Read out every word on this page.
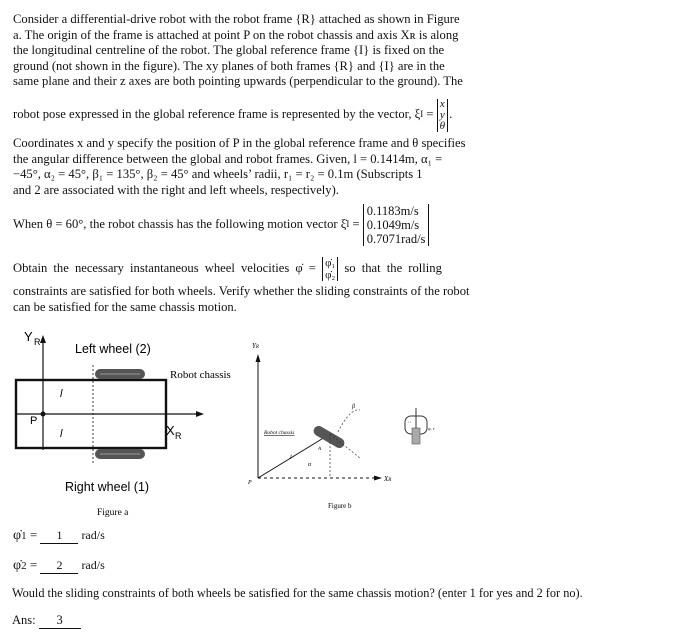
Consider a differential-drive robot with the robot frame {R} attached as shown in Figure
a. The origin of the frame is attached at point P on the robot chassis and axis Xʀ is along
the longitudinal centreline of the robot. The global reference frame {I} is fixed on the
ground (not shown in the figure). The xy planes of both frames {R} and {I} are in the
same plane and their z axes are both pointing upwards (perpendicular to the ground). The
robot pose expressed in the global reference frame is represented by the vector, ξ I =
x
y
θ
.
Coordinates x and y specify the position of P in the global reference frame and θ specifies
the angular difference between the global and robot frames. Given, l = 0.1414m, α₁ =
−45°, α₂ = 45°, β₁ = 135°, β₂ = 45° and wheels’ radii, r₁ = r₂ = 0.1m (Subscripts 1
and 2 are associated with the right and left wheels, respectively).
When θ = 60°, the robot chassis has the following motion vector ξ̇ I =
0.1183m/s
0.1049m/s
0.7071rad/s
Obtain the necessary instantaneous wheel velocities φ̇ = φ̇₁
φ̇₂ so that the rolling
constraints are satisfied for both wheels. Verify whether the sliding constraints of the robot
can be satisfied for the same chassis motion.
Y R
X R
P
l
l
Left wheel (2)
Robot chassis
Right wheel (1)
Figure a
YR
XR
P
Robot chassis
β
A
l
α
φ, r
Figure b
φ̇ 1 =	1	rad/s
φ̇ 2 =	2	rad/s
Would the sliding constraints of both wheels be satisfied for the same chassis motion? (enter 1 for yes and 2 for no).
Ans:	3
